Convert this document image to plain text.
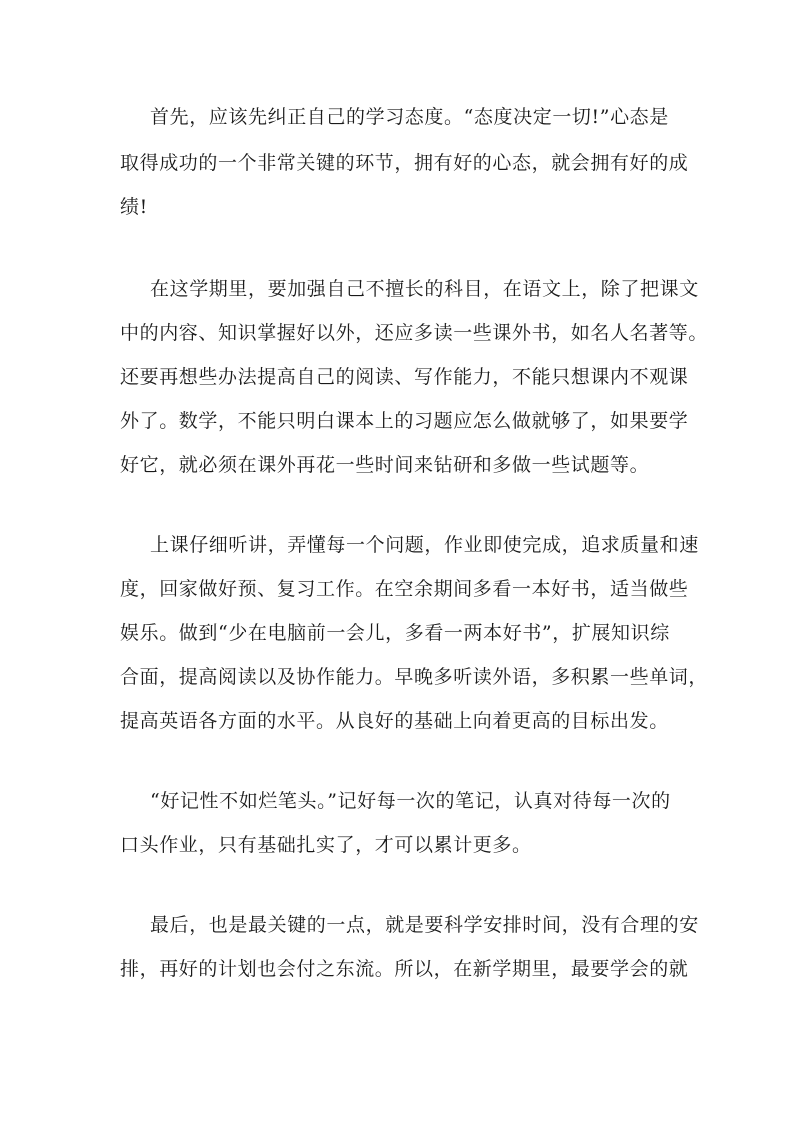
首先，应该先纠正自己的学习态度。“态度决定一切!”心态是
取得成功的一个非常关键的环节，拥有好的心态，就会拥有好的成
绩!
在这学期里，要加强自己不擅长的科目，在语文上，除了把课文
中的内容、知识掌握好以外，还应多读一些课外书，如名人名著等。
还要再想些办法提高自己的阅读、写作能力，不能只想课内不观课
外了。数学，不能只明白课本上的习题应怎么做就够了，如果要学
好它，就必须在课外再花一些时间来钻研和多做一些试题等。
上课仔细听讲，弄懂每一个问题，作业即使完成，追求质量和速
度，回家做好预、复习工作。在空余期间多看一本好书，适当做些
娱乐。做到“少在电脑前一会儿，多看一两本好书”，扩展知识综
合面，提高阅读以及协作能力。早晚多听读外语，多积累一些单词，
提高英语各方面的水平。从良好的基础上向着更高的目标出发。
“好记性不如烂笔头。”记好每一次的笔记，认真对待每一次的
口头作业，只有基础扎实了，才可以累计更多。
最后，也是最关键的一点，就是要科学安排时间，没有合理的安
排，再好的计划也会付之东流。所以，在新学期里，最要学会的就
